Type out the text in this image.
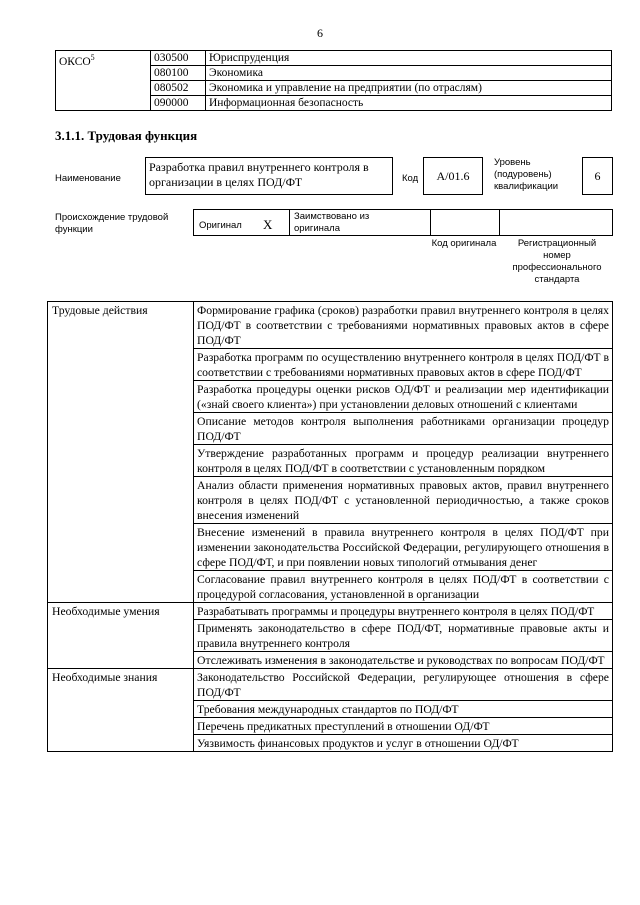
6
ОКСО$^5$	030500	Юриспруденция
	080100	Экономика
	080502	Экономика и управление на предприятии (по отраслям)
	090000	Информационная безопасность
3.1.1. Трудовая функция
Наименование
Разработка правил внутреннего контроля в организации в целях ПОД/ФТ	Код	A/01.6
Уровень (подуровень) квалификации
6
Происхождение трудовой функции	Оригинал X
Заимствовано из оригинала
Код оригинала	Регистрационный номер профессионального стандарта
Трудовые действия	Формирование графика (сроков) разработки правил внутреннего контроля в целях ПОД/ФТ в соответствии с требованиями нормативных правовых актов в сфере ПОД/ФТ
	Разработка программ по осуществлению внутреннего контроля в целях ПОД/ФТ в соответствии с требованиями нормативных правовых актов в сфере ПОД/ФТ
	Разработка процедуры оценки рисков ОД/ФТ и реализации мер идентификации («знай своего клиента») при установлении деловых отношений с клиентами
	Описание методов контроля выполнения работниками организации процедур ПОД/ФТ
	Утверждение разработанных программ и процедур реализации внутреннего контроля в целях ПОД/ФТ в соответствии с установленным порядком
	Анализ области применения нормативных правовых актов, правил внутреннего контроля в целях ПОД/ФТ с установленной периодичностью, а также сроков внесения изменений
	Внесение изменений в правила внутреннего контроля в целях ПОД/ФТ при изменении законодательства Российской Федерации, регулирующего отношения в сфере ПОД/ФТ, и при появлении новых типологий отмывания денег
	Согласование правил внутреннего контроля в целях ПОД/ФТ в соответствии с процедурой согласования, установленной в организации
Необходимые умения	Разрабатывать программы и процедуры внутреннего контроля в целях ПОД/ФТ
	Применять законодательство в сфере ПОД/ФТ, нормативные правовые акты и правила внутреннего контроля
	Отслеживать изменения в законодательстве и руководствах по вопросам ПОД/ФТ
Необходимые знания	Законодательство Российской Федерации, регулирующее отношения в сфере ПОД/ФТ
	Требования международных стандартов по ПОД/ФТ
	Перечень предикатных преступлений в отношении ОД/ФТ
	Уязвимость финансовых продуктов и услуг в отношении ОД/ФТ
